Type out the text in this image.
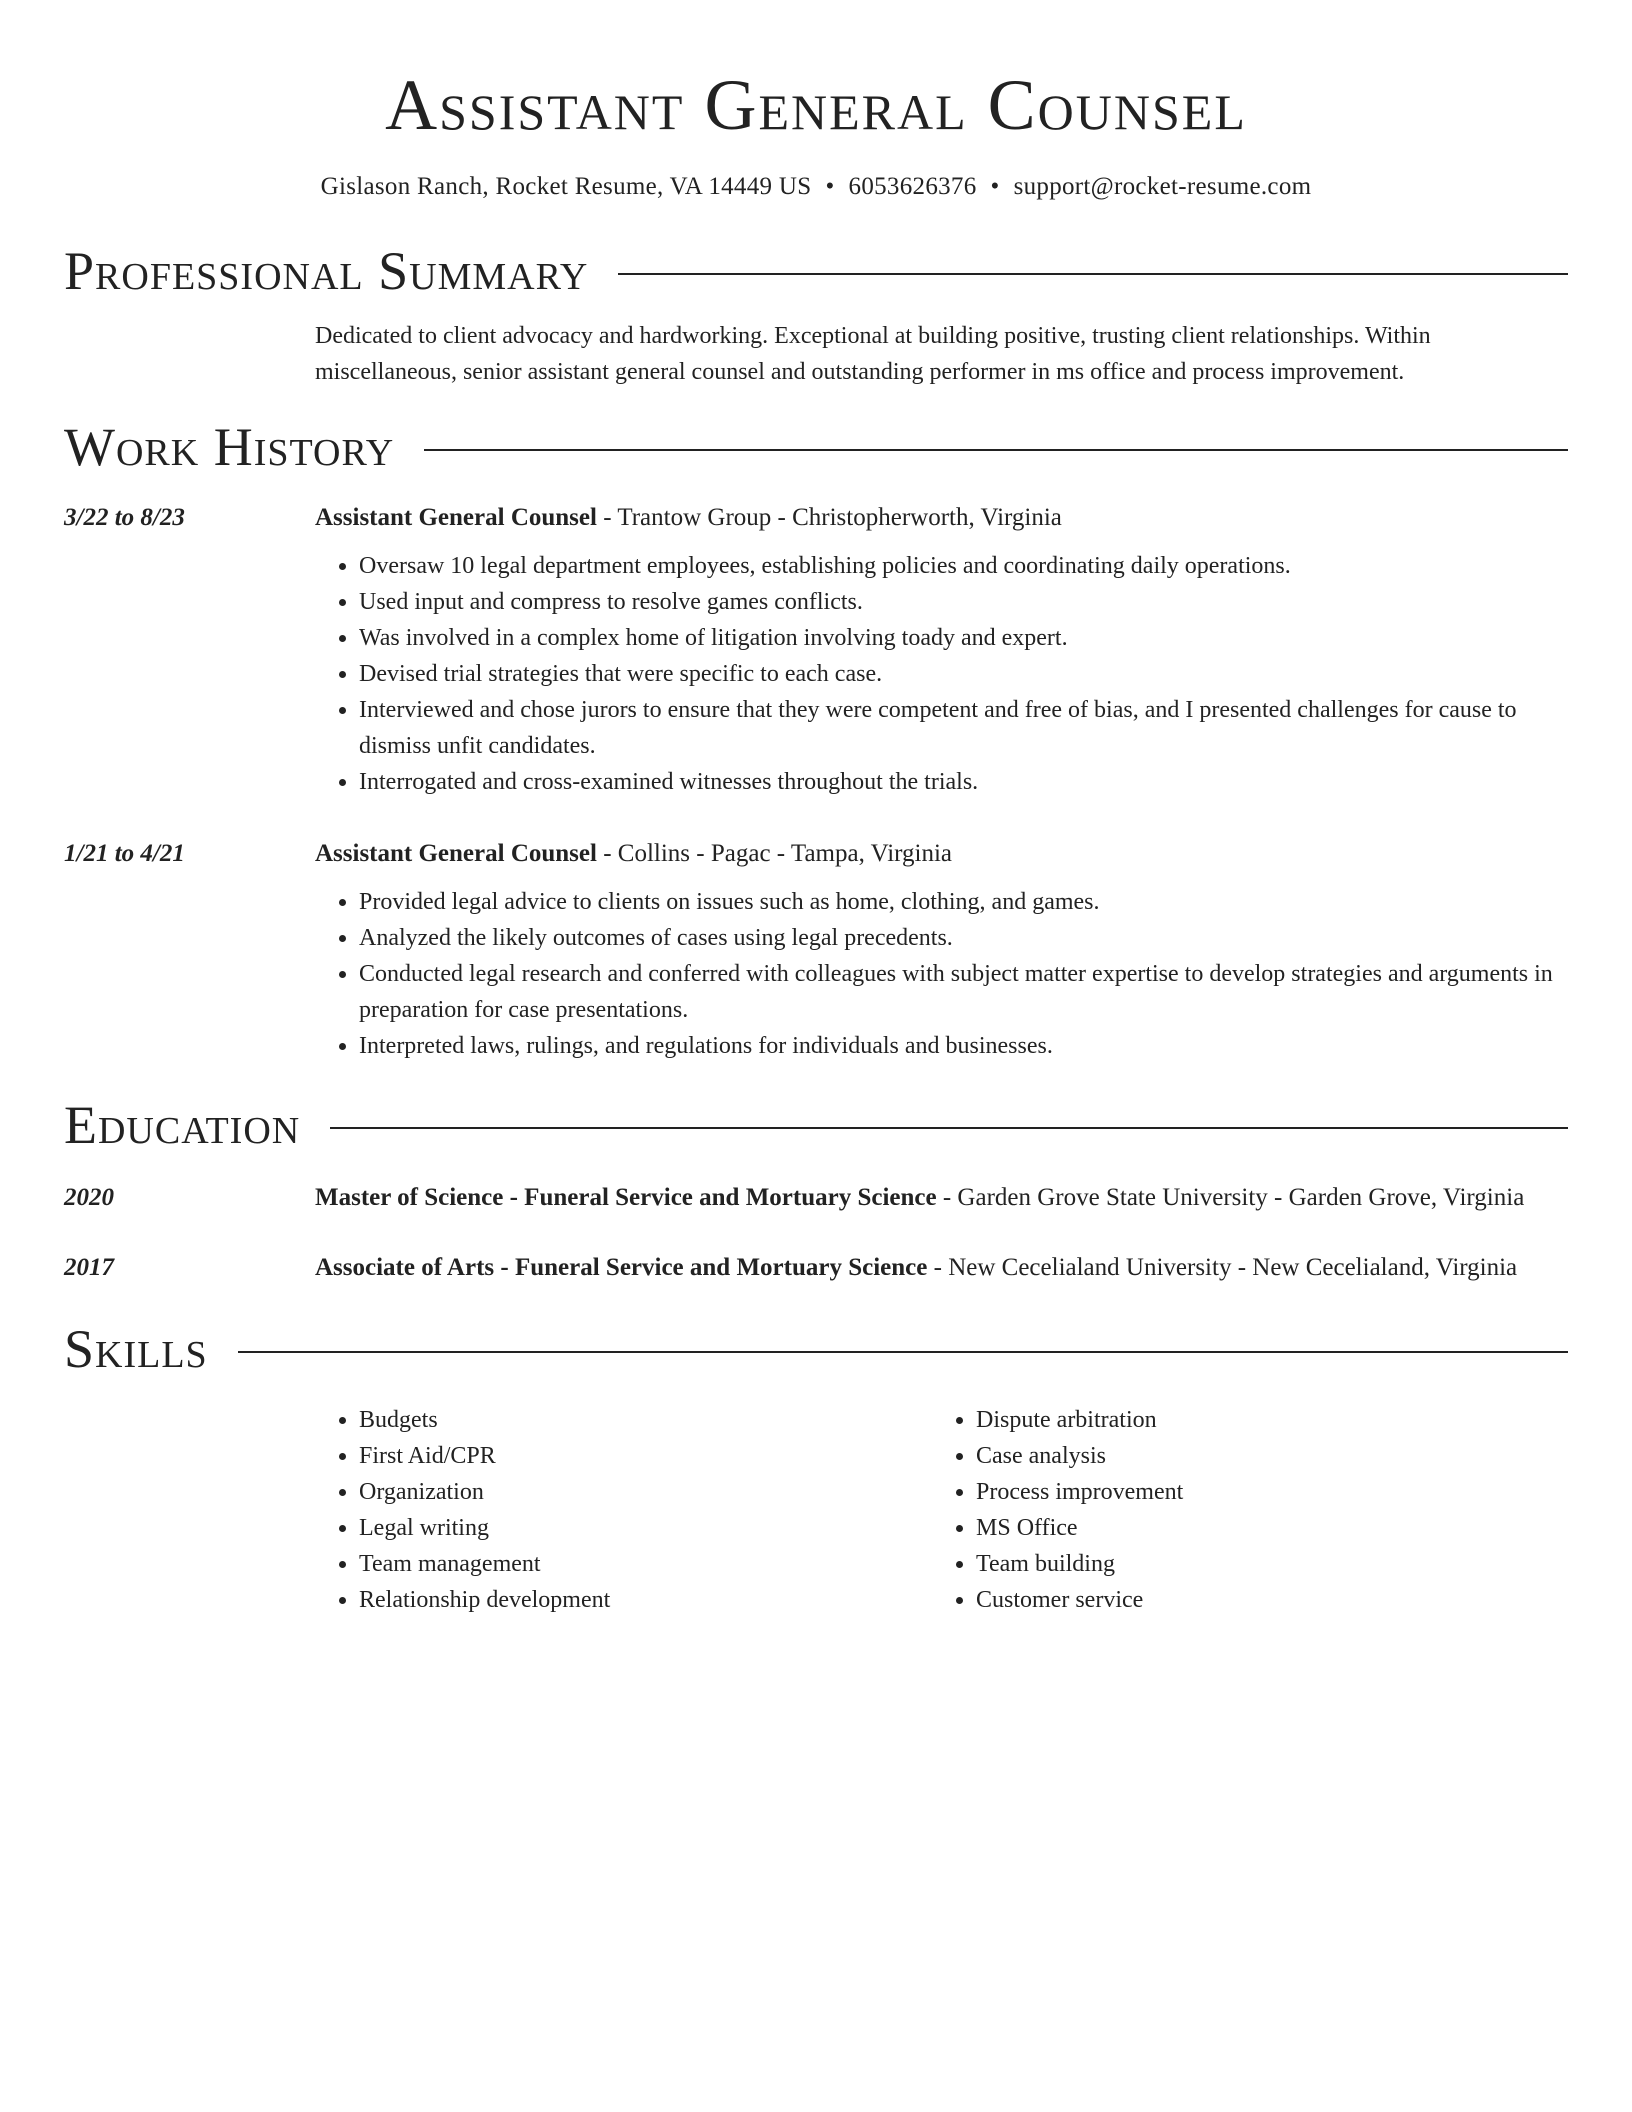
Assistant General Counsel
Gislason Ranch, Rocket Resume, VA 14449 US • 6053626376 • support@rocket-resume.com
Professional Summary
Dedicated to client advocacy and hardworking. Exceptional at building positive, trusting client relationships. Within miscellaneous, senior assistant general counsel and outstanding performer in ms office and process improvement.
Work History
3/22 to 8/23	Assistant General Counsel - Trantow Group - Christopherworth, Virginia
• Oversaw 10 legal department employees, establishing policies and coordinating daily operations.
• Used input and compress to resolve games conflicts.
• Was involved in a complex home of litigation involving toady and expert.
• Devised trial strategies that were specific to each case.
• Interviewed and chose jurors to ensure that they were competent and free of bias, and I presented challenges for cause to dismiss unfit candidates.
• Interrogated and cross-examined witnesses throughout the trials.
1/21 to 4/21	Assistant General Counsel - Collins - Pagac - Tampa, Virginia
• Provided legal advice to clients on issues such as home, clothing, and games.
• Analyzed the likely outcomes of cases using legal precedents.
• Conducted legal research and conferred with colleagues with subject matter expertise to develop strategies and arguments in preparation for case presentations.
• Interpreted laws, rulings, and regulations for individuals and businesses.
Education
2020	Master of Science - Funeral Service and Mortuary Science - Garden Grove State University - Garden Grove, Virginia
2017	Associate of Arts - Funeral Service and Mortuary Science - New Cecelialand University - New Cecelialand, Virginia
Skills
• Budgets
• First Aid/CPR
• Organization
• Legal writing
• Team management
• Relationship development
• Dispute arbitration
• Case analysis
• Process improvement
• MS Office
• Team building
• Customer service
